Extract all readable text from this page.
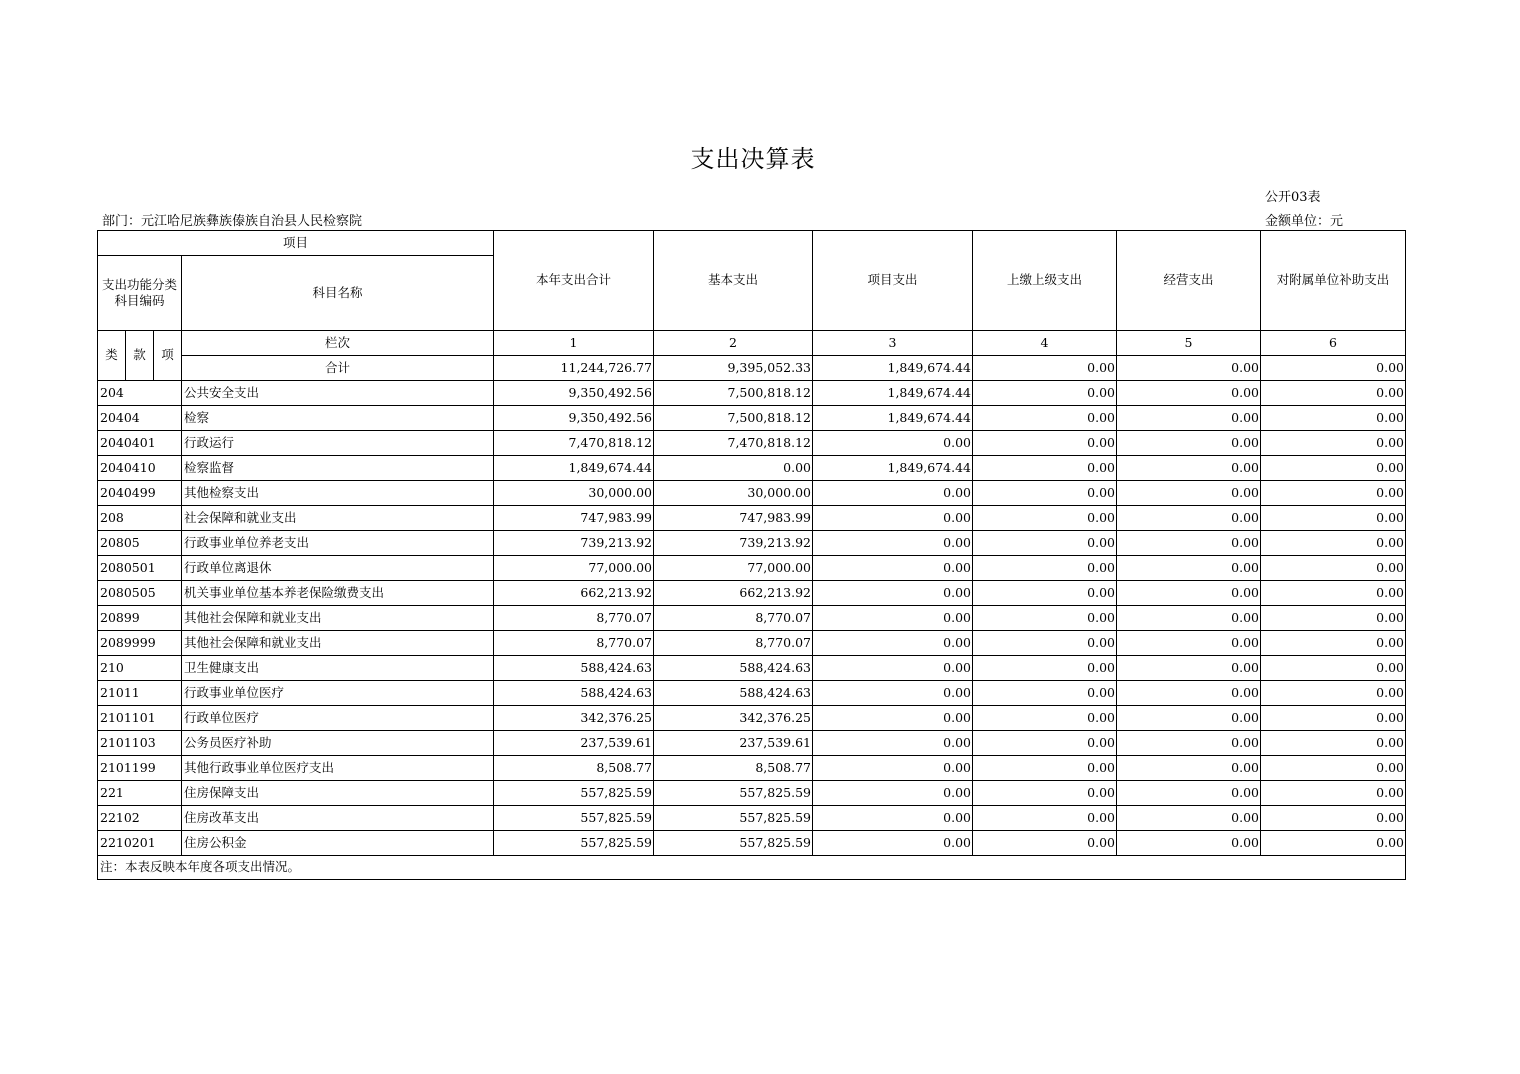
支出决算表
公开03表
部门：元江哈尼族彝族傣族自治县人民检察院	金额单位：元
项目				本年支出合计	基本支出	项目支出	上缴上级支出	经营支出	对附属单位补助支出
支出功能分类科目编码			科目名称						
类	款	项	栏次	1	2	3	4	5	6
			合计	11,244,726.77	9,395,052.33	1,849,674.44	0.00	0.00	0.00
204			公共安全支出	9,350,492.56	7,500,818.12	1,849,674.44	0.00	0.00	0.00
20404			检察	9,350,492.56	7,500,818.12	1,849,674.44	0.00	0.00	0.00
2040401			行政运行	7,470,818.12	7,470,818.12	0.00	0.00	0.00	0.00
2040410			检察监督	1,849,674.44	0.00	1,849,674.44	0.00	0.00	0.00
2040499			其他检察支出	30,000.00	30,000.00	0.00	0.00	0.00	0.00
208			社会保障和就业支出	747,983.99	747,983.99	0.00	0.00	0.00	0.00
20805			行政事业单位养老支出	739,213.92	739,213.92	0.00	0.00	0.00	0.00
2080501			行政单位离退休	77,000.00	77,000.00	0.00	0.00	0.00	0.00
2080505			机关事业单位基本养老保险缴费支出	662,213.92	662,213.92	0.00	0.00	0.00	0.00
20899			其他社会保障和就业支出	8,770.07	8,770.07	0.00	0.00	0.00	0.00
2089999			其他社会保障和就业支出	8,770.07	8,770.07	0.00	0.00	0.00	0.00
210			卫生健康支出	588,424.63	588,424.63	0.00	0.00	0.00	0.00
21011			行政事业单位医疗	588,424.63	588,424.63	0.00	0.00	0.00	0.00
2101101			行政单位医疗	342,376.25	342,376.25	0.00	0.00	0.00	0.00
2101103			公务员医疗补助	237,539.61	237,539.61	0.00	0.00	0.00	0.00
2101199			其他行政事业单位医疗支出	8,508.77	8,508.77	0.00	0.00	0.00	0.00
221			住房保障支出	557,825.59	557,825.59	0.00	0.00	0.00	0.00
22102			住房改革支出	557,825.59	557,825.59	0.00	0.00	0.00	0.00
2210201			住房公积金	557,825.59	557,825.59	0.00	0.00	0.00	0.00
注：本表反映本年度各项支出情况。									
